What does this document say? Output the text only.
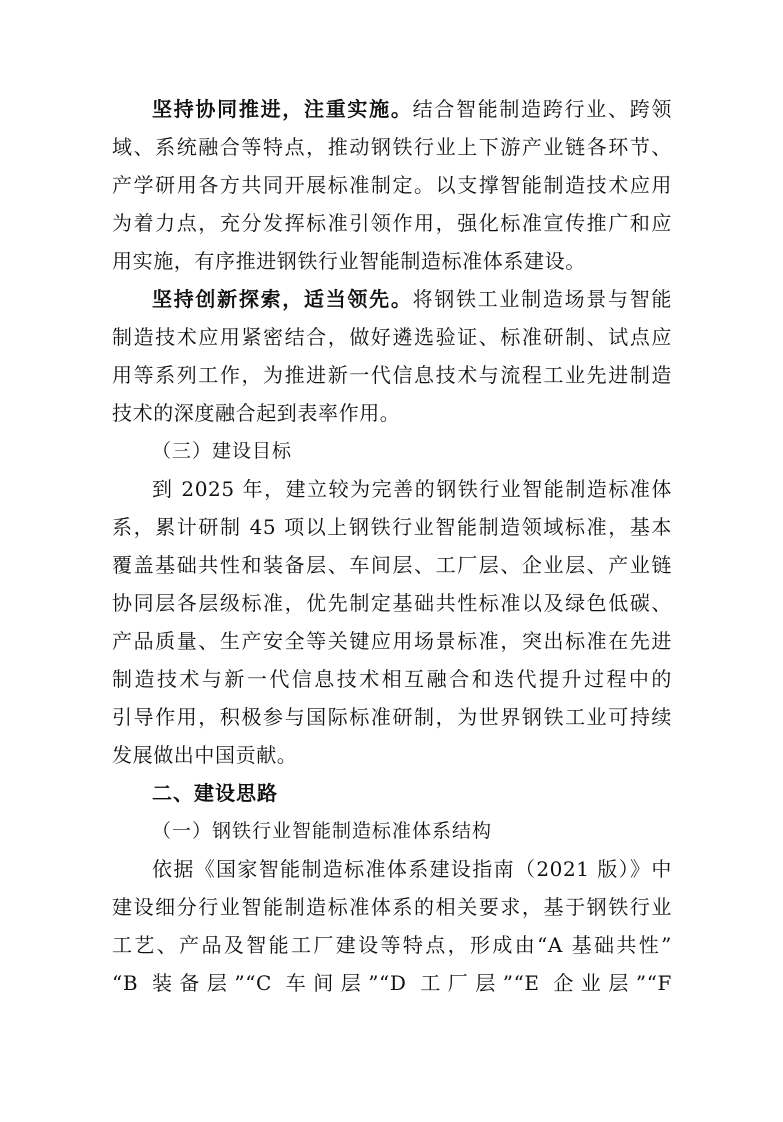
坚持协同推进，注重实施。结合智能制造跨行业、跨领
域、系统融合等特点，推动钢铁行业上下游产业链各环节、
产学研用各方共同开展标准制定。以支撑智能制造技术应用
为着力点，充分发挥标准引领作用，强化标准宣传推广和应
用实施，有序推进钢铁行业智能制造标准体系建设。
坚持创新探索，适当领先。将钢铁工业制造场景与智能
制造技术应用紧密结合，做好遴选验证、标准研制、试点应
用等系列工作，为推进新一代信息技术与流程工业先进制造
技术的深度融合起到表率作用。
（三）建设目标
到 2025 年，建立较为完善的钢铁行业智能制造标准体
系，累计研制 45 项以上钢铁行业智能制造领域标准，基本
覆盖基础共性和装备层、车间层、工厂层、企业层、产业链
协同层各层级标准，优先制定基础共性标准以及绿色低碳、
产品质量、生产安全等关键应用场景标准，突出标准在先进
制造技术与新一代信息技术相互融合和迭代提升过程中的
引导作用，积极参与国际标准研制，为世界钢铁工业可持续
发展做出中国贡献。
二、建设思路
（一）钢铁行业智能制造标准体系结构
依据《国家智能制造标准体系建设指南（2021 版）》中
建设细分行业智能制造标准体系的相关要求，基于钢铁行业
工艺、产品及智能工厂建设等特点，形成由“A 基础共性”
“B 装备层”“C 车间层”“D 工厂层”“E 企业层”“F
